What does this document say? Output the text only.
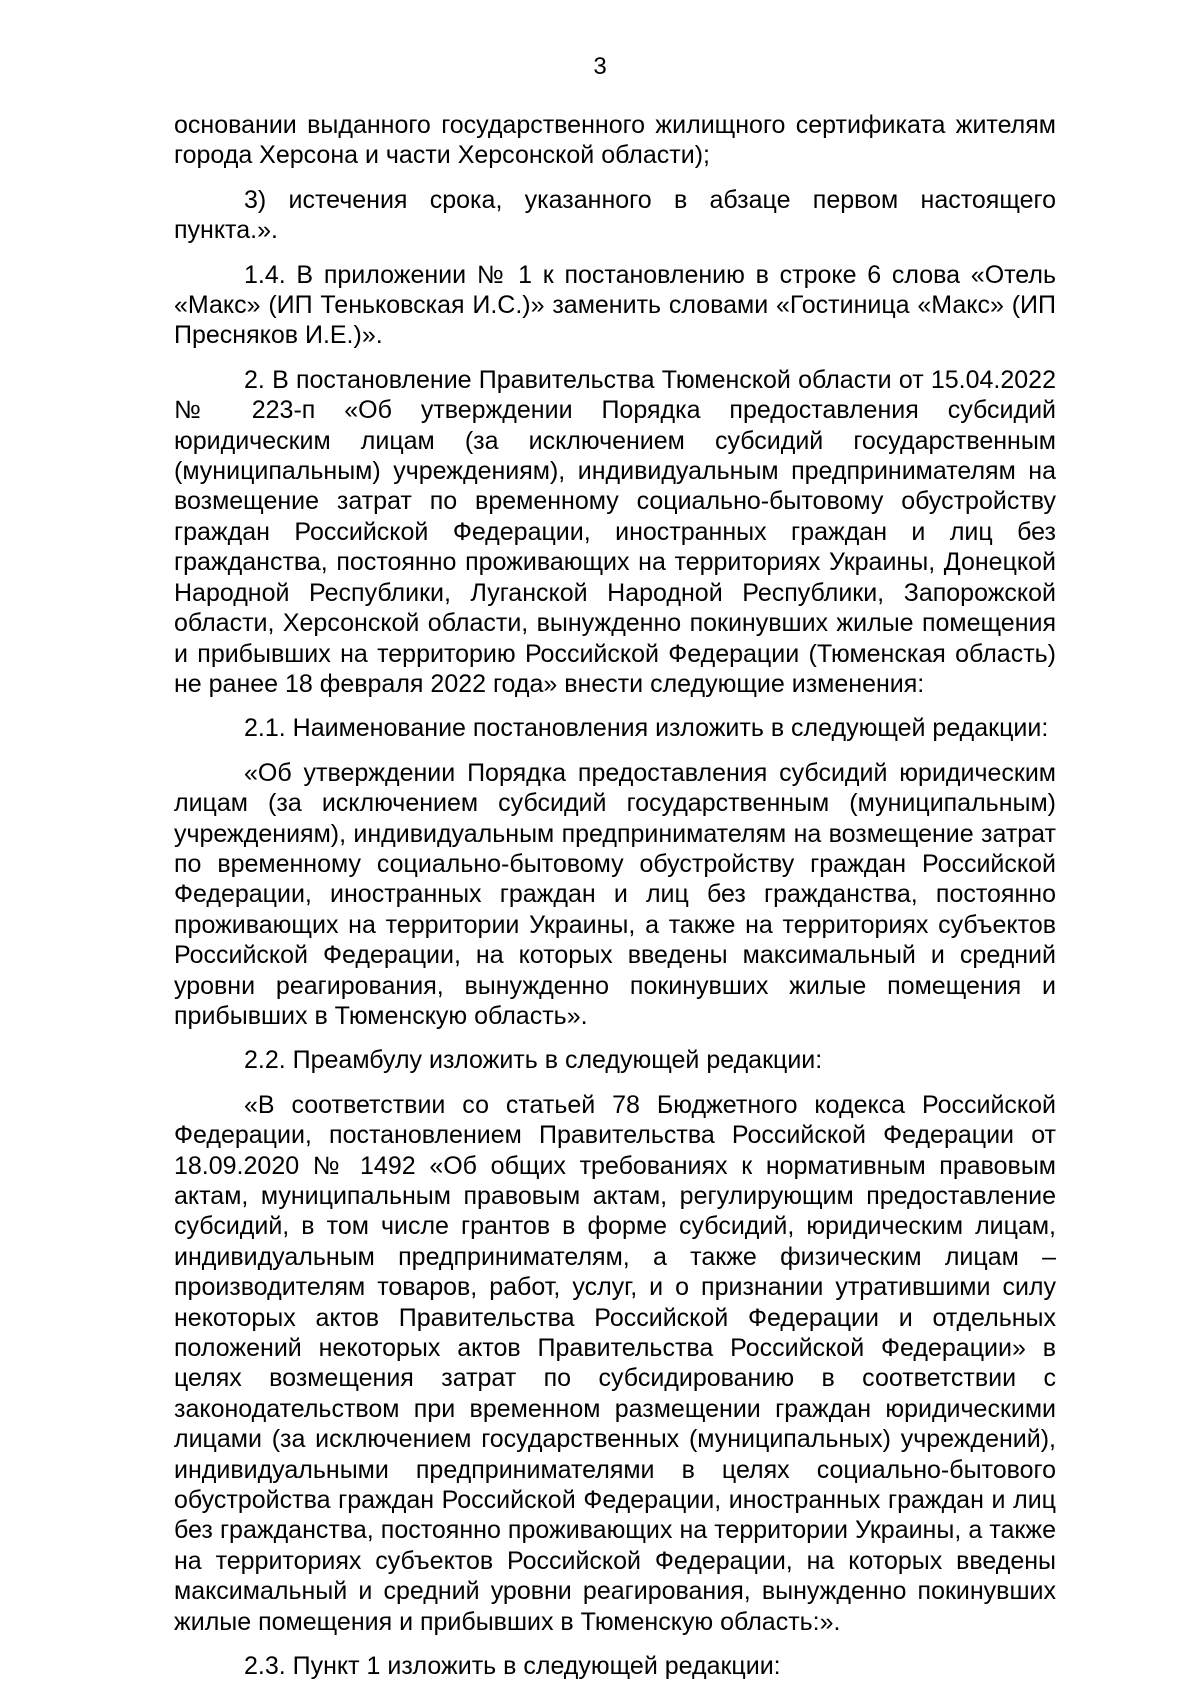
3

основании выданного государственного жилищного сертификата жителям города Херсона и части Херсонской области);

3) истечения срока, указанного в абзаце первом настоящего пункта.».

1.4. В приложении № 1 к постановлению в строке 6 слова «Отель «Макс» (ИП Теньковская И.С.)» заменить словами «Гостиница «Макс» (ИП Пресняков И.Е.)».

2. В постановление Правительства Тюменской области от 15.04.2022 № 223-п «Об утверждении Порядка предоставления субсидий юридическим лицам (за исключением субсидий государственным (муниципальным) учреждениям), индивидуальным предпринимателям на возмещение затрат по временному социально-бытовому обустройству граждан Российской Федерации, иностранных граждан и лиц без гражданства, постоянно проживающих на территориях Украины, Донецкой Народной Республики, Луганской Народной Республики, Запорожской области, Херсонской области, вынужденно покинувших жилые помещения и прибывших на территорию Российской Федерации (Тюменская область) не ранее 18 февраля 2022 года» внести следующие изменения:

2.1. Наименование постановления изложить в следующей редакции:

«Об утверждении Порядка предоставления субсидий юридическим лицам (за исключением субсидий государственным (муниципальным) учреждениям), индивидуальным предпринимателям на возмещение затрат по временному социально-бытовому обустройству граждан Российской Федерации, иностранных граждан и лиц без гражданства, постоянно проживающих на территории Украины, а также на территориях субъектов Российской Федерации, на которых введены максимальный и средний уровни реагирования, вынужденно покинувших жилые помещения и прибывших в Тюменскую область».

2.2. Преамбулу изложить в следующей редакции:

«В соответствии со статьей 78 Бюджетного кодекса Российской Федерации, постановлением Правительства Российской Федерации от 18.09.2020 № 1492 «Об общих требованиях к нормативным правовым актам, муниципальным правовым актам, регулирующим предоставление субсидий, в том числе грантов в форме субсидий, юридическим лицам, индивидуальным предпринимателям, а также физическим лицам – производителям товаров, работ, услуг, и о признании утратившими силу некоторых актов Правительства Российской Федерации и отдельных положений некоторых актов Правительства Российской Федерации» в целях возмещения затрат по субсидированию в соответствии с законодательством при временном размещении граждан юридическими лицами (за исключением государственных (муниципальных) учреждений), индивидуальными предпринимателями в целях социально-бытового обустройства граждан Российской Федерации, иностранных граждан и лиц без гражданства, постоянно проживающих на территории Украины, а также на территориях субъектов Российской Федерации, на которых введены максимальный и средний уровни реагирования, вынужденно покинувших жилые помещения и прибывших в Тюменскую область:».

2.3. Пункт 1 изложить в следующей редакции:
